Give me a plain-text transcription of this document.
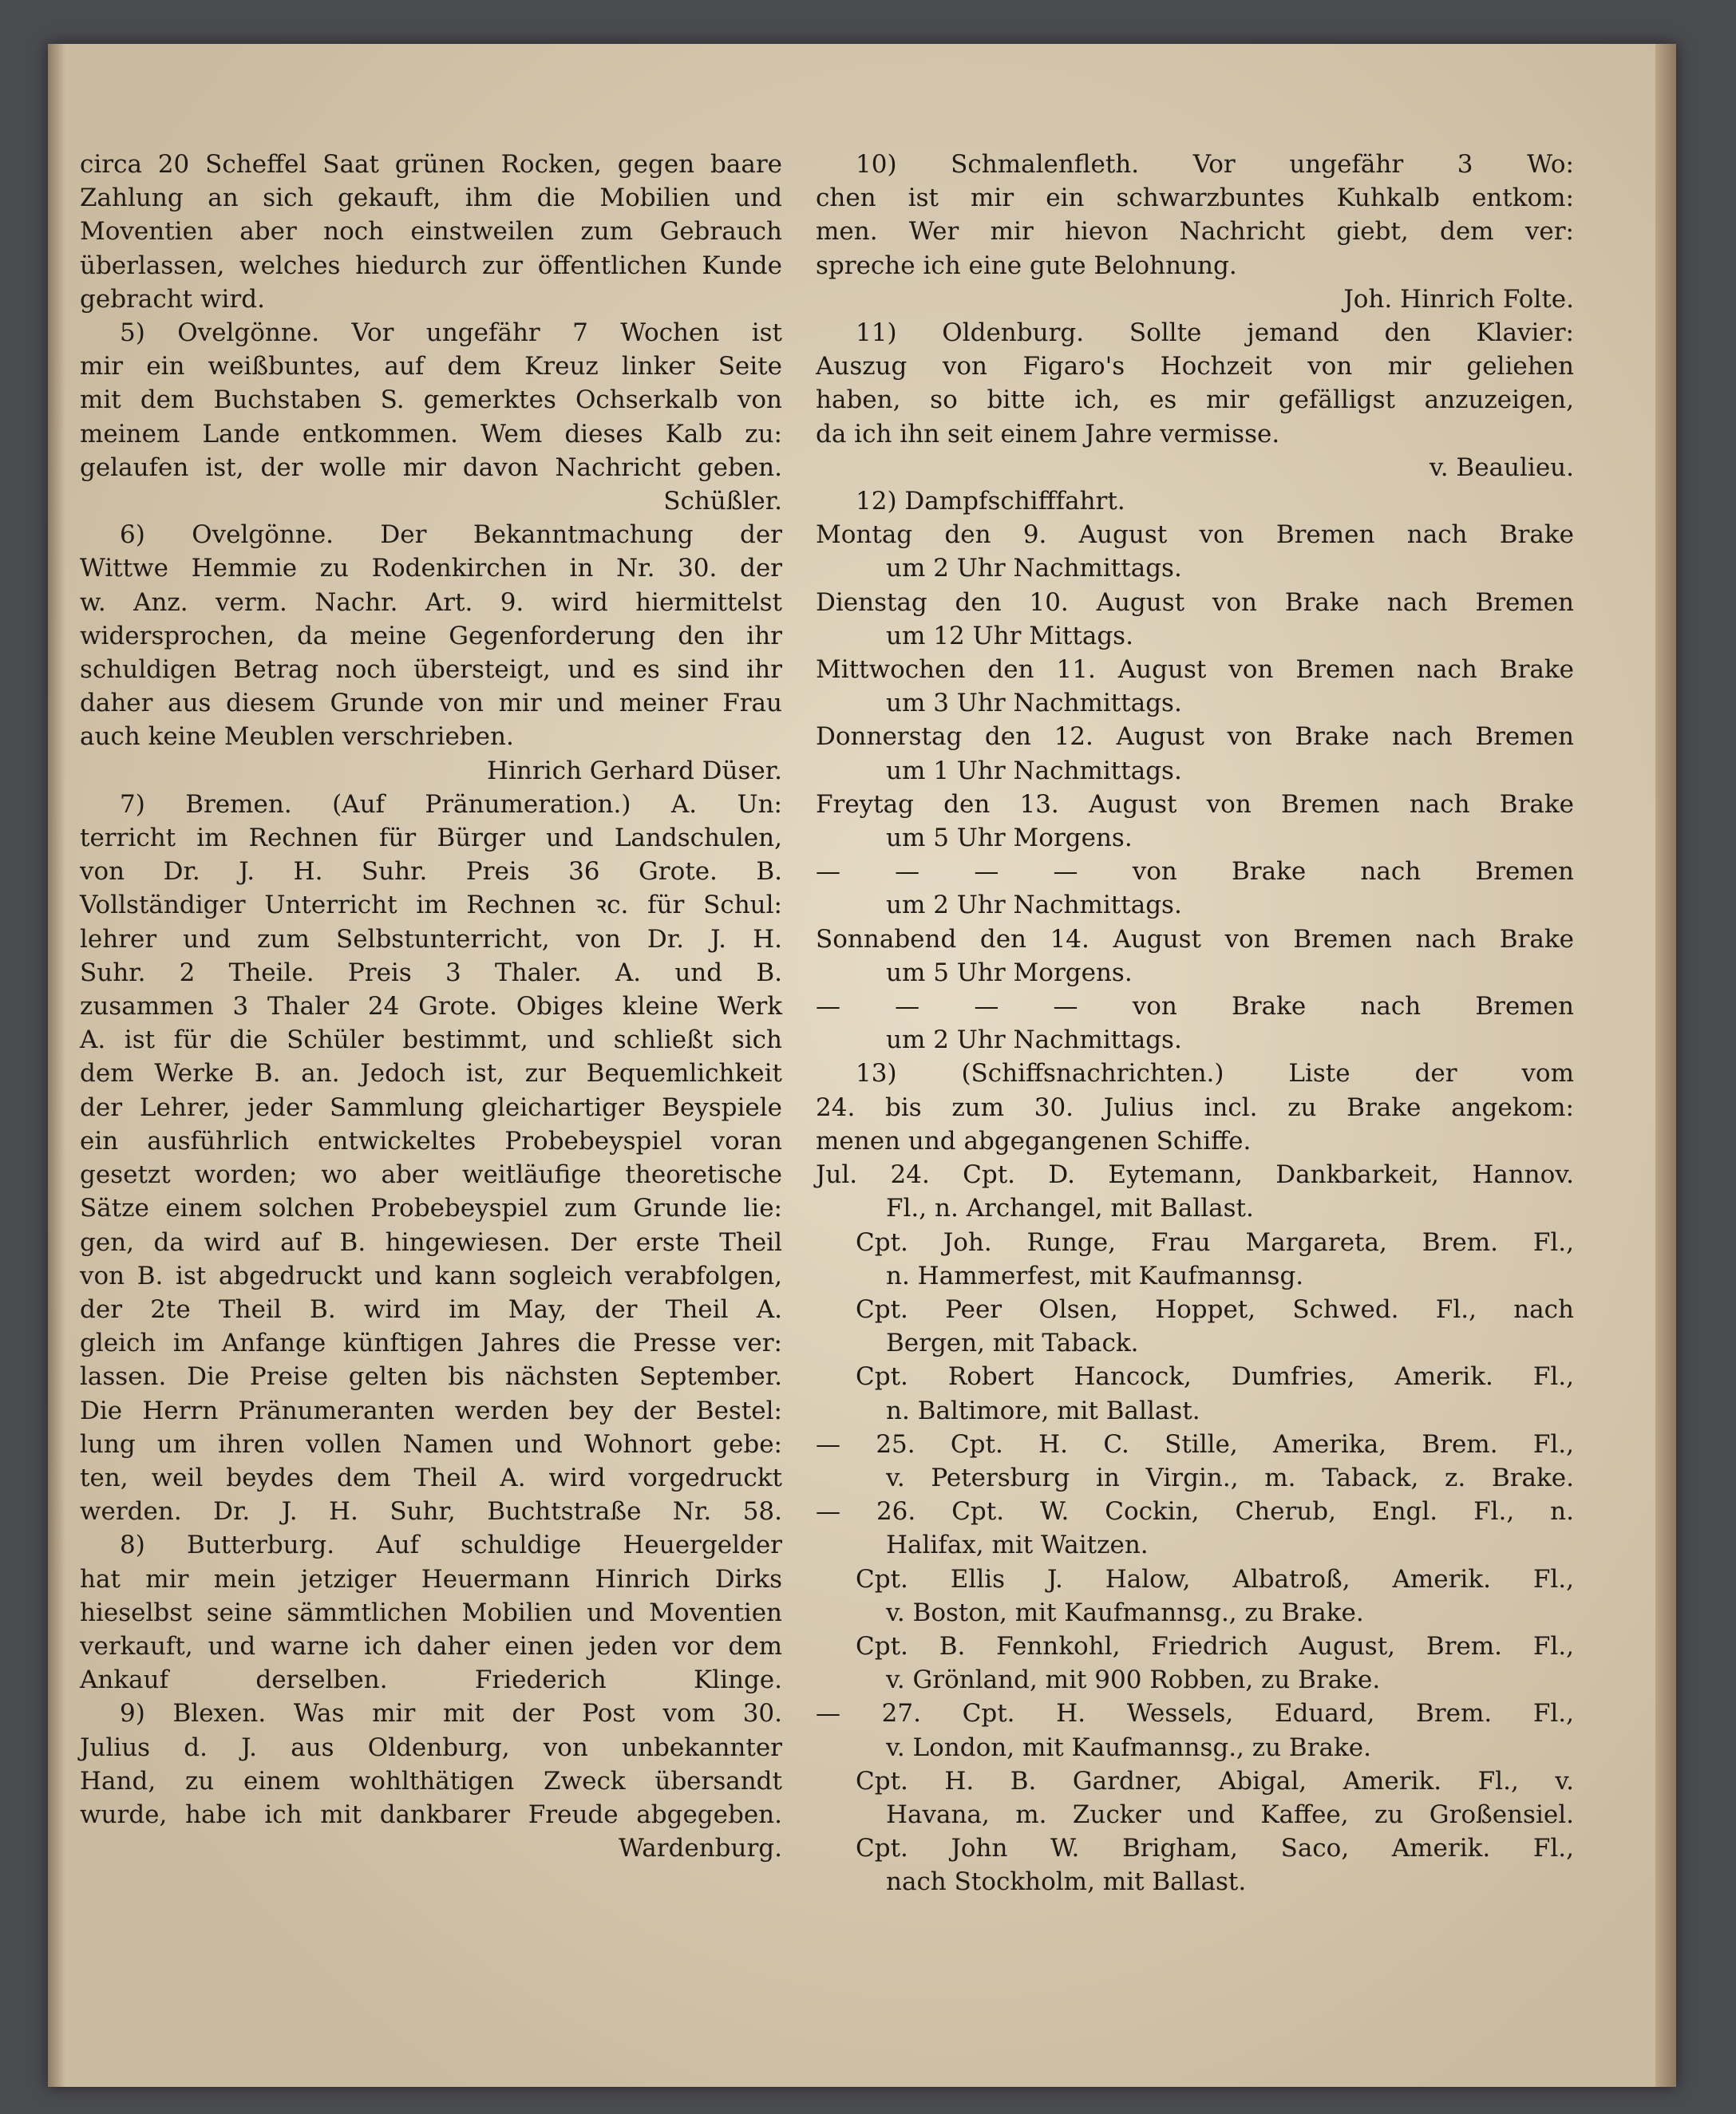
circa 20 Scheffel Saat grünen Rocken, gegen baare
Zahlung an sich gekauft, ihm die Mobilien und
Moventien aber noch einstweilen zum Gebrauch
überlassen, welches hiedurch zur öffentlichen Kunde
gebracht wird.
5) Ovelgönne. Vor ungefähr 7 Wochen ist
mir ein weißbuntes, auf dem Kreuz linker Seite
mit dem Buchstaben S. gemerktes Ochserkalb von
meinem Lande entkommen. Wem dieses Kalb zu:
gelaufen ist, der wolle mir davon Nachricht geben.
Schüßler.
6) Ovelgönne. Der Bekanntmachung der
Wittwe Hemmie zu Rodenkirchen in Nr. 30. der
w. Anz. verm. Nachr. Art. 9. wird hiermittelst
widersprochen, da meine Gegenforderung den ihr
schuldigen Betrag noch übersteigt, und es sind ihr
daher aus diesem Grunde von mir und meiner Frau
auch keine Meublen verschrieben.
Hinrich Gerhard Düser.
7) Bremen. (Auf Pränumeration.) A. Un:
terricht im Rechnen für Bürger und Landschulen,
von Dr. J. H. Suhr. Preis 36 Grote. B.
Vollständiger Unterricht im Rechnen ꝛc. für Schul:
lehrer und zum Selbstunterricht, von Dr. J. H.
Suhr. 2 Theile. Preis 3 Thaler. A. und B.
zusammen 3 Thaler 24 Grote. Obiges kleine Werk
A. ist für die Schüler bestimmt, und schließt sich
dem Werke B. an. Jedoch ist, zur Bequemlichkeit
der Lehrer, jeder Sammlung gleichartiger Beyspiele
ein ausführlich entwickeltes Probebeyspiel voran
gesetzt worden; wo aber weitläufige theoretische
Sätze einem solchen Probebeyspiel zum Grunde lie:
gen, da wird auf B. hingewiesen. Der erste Theil
von B. ist abgedruckt und kann sogleich verabfolgen,
der 2te Theil B. wird im May, der Theil A.
gleich im Anfange künftigen Jahres die Presse ver:
lassen. Die Preise gelten bis nächsten September.
Die Herrn Pränumeranten werden bey der Bestel:
lung um ihren vollen Namen und Wohnort gebe:
ten, weil beydes dem Theil A. wird vorgedruckt
werden. Dr. J. H. Suhr, Buchtstraße Nr. 58.
8) Butterburg. Auf schuldige Heuergelder
hat mir mein jetziger Heuermann Hinrich Dirks
hieselbst seine sämmtlichen Mobilien und Moventien
verkauft, und warne ich daher einen jeden vor dem
Ankauf derselben. Friederich Klinge.
9) Blexen. Was mir mit der Post vom 30.
Julius d. J. aus Oldenburg, von unbekannter
Hand, zu einem wohlthätigen Zweck übersandt
wurde, habe ich mit dankbarer Freude abgegeben.
Wardenburg.
10) Schmalenfleth. Vor ungefähr 3 Wo:
chen ist mir ein schwarzbuntes Kuhkalb entkom:
men. Wer mir hievon Nachricht giebt, dem ver:
spreche ich eine gute Belohnung.
Joh. Hinrich Folte.
11) Oldenburg. Sollte jemand den Klavier:
Auszug von Figaro's Hochzeit von mir geliehen
haben, so bitte ich, es mir gefälligst anzuzeigen,
da ich ihn seit einem Jahre vermisse.
v. Beaulieu.
12) Dampfschifffahrt.
Montag den 9. August von Bremen nach Brake
um 2 Uhr Nachmittags.
Dienstag den 10. August von Brake nach Bremen
um 12 Uhr Mittags.
Mittwochen den 11. August von Bremen nach Brake
um 3 Uhr Nachmittags.
Donnerstag den 12. August von Brake nach Bremen
um 1 Uhr Nachmittags.
Freytag den 13. August von Bremen nach Brake
um 5 Uhr Morgens.
— — — — von Brake nach Bremen
um 2 Uhr Nachmittags.
Sonnabend den 14. August von Bremen nach Brake
um 5 Uhr Morgens.
— — — — von Brake nach Bremen
um 2 Uhr Nachmittags.
13) (Schiffsnachrichten.) Liste der vom
24. bis zum 30. Julius incl. zu Brake angekom:
menen und abgegangenen Schiffe.
Jul. 24. Cpt. D. Eytemann, Dankbarkeit, Hannov.
Fl., n. Archangel, mit Ballast.
Cpt. Joh. Runge, Frau Margareta, Brem. Fl.,
n. Hammerfest, mit Kaufmannsg.
Cpt. Peer Olsen, Hoppet, Schwed. Fl., nach
Bergen, mit Taback.
Cpt. Robert Hancock, Dumfries, Amerik. Fl.,
n. Baltimore, mit Ballast.
— 25. Cpt. H. C. Stille, Amerika, Brem. Fl.,
v. Petersburg in Virgin., m. Taback, z. Brake.
— 26. Cpt. W. Cockin, Cherub, Engl. Fl., n.
Halifax, mit Waitzen.
Cpt. Ellis J. Halow, Albatroß, Amerik. Fl.,
v. Boston, mit Kaufmannsg., zu Brake.
Cpt. B. Fennkohl, Friedrich August, Brem. Fl.,
v. Grönland, mit 900 Robben, zu Brake.
— 27. Cpt. H. Wessels, Eduard, Brem. Fl.,
v. London, mit Kaufmannsg., zu Brake.
Cpt. H. B. Gardner, Abigal, Amerik. Fl., v.
Havana, m. Zucker und Kaffee, zu Großensiel.
Cpt. John W. Brigham, Saco, Amerik. Fl.,
nach Stockholm, mit Ballast.
